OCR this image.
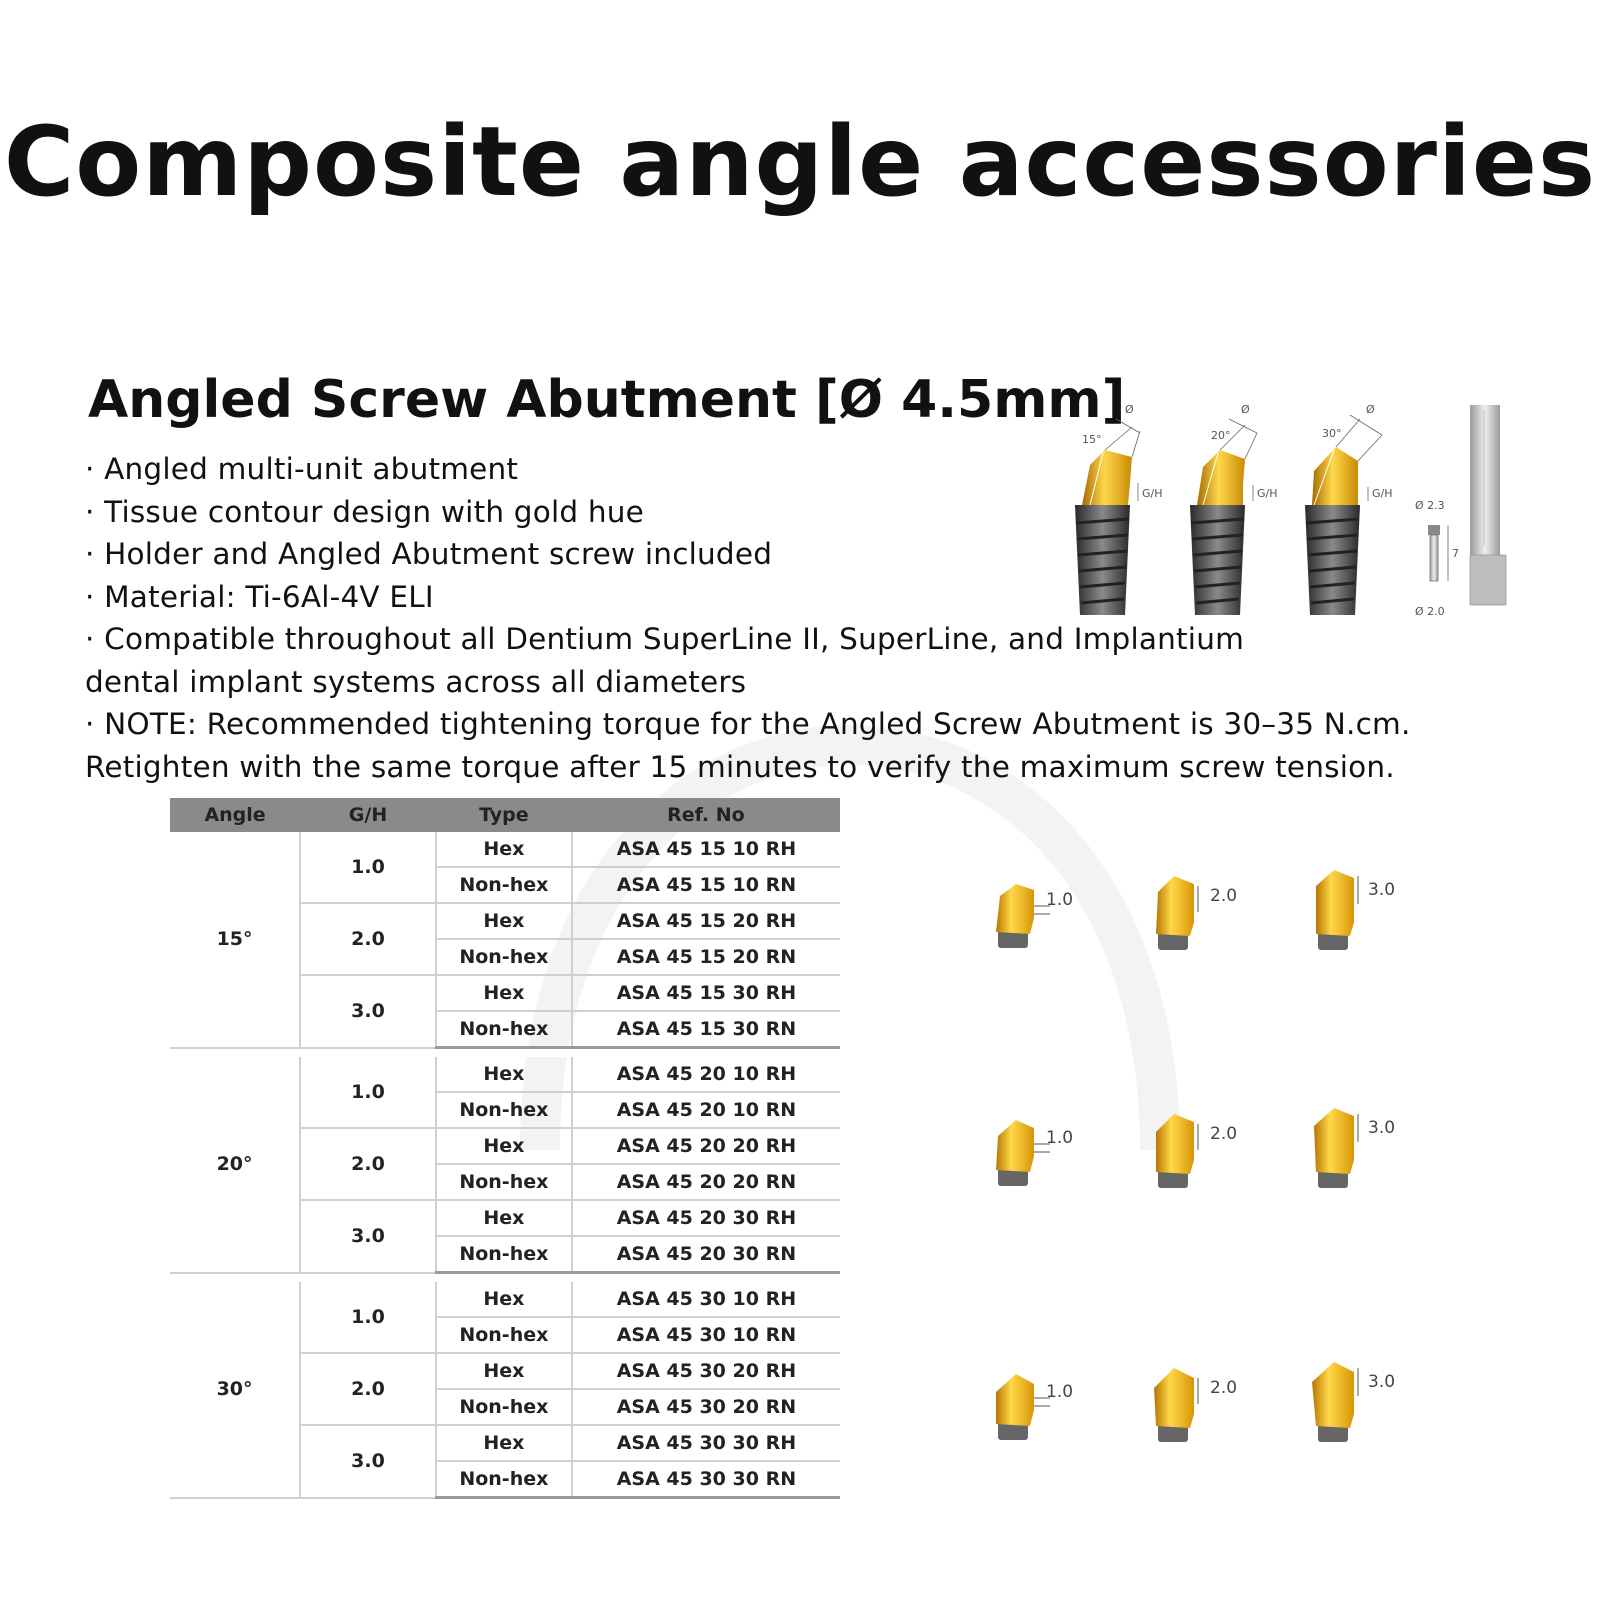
Composite angle accessories
Angled Screw Abutment [Ø 4.5mm]
· Angled multi-unit abutment
· Tissue contour design with gold hue
· Holder and Angled Abutment screw included
· Material: Ti-6Al-4V ELI
· Compatible throughout all Dentium SuperLine II, SuperLine, and Implantium
dental implant systems across all diameters
· NOTE: Recommended tightening torque for the Angled Screw Abutment is 30–35 N.cm.
Retighten with the same torque after 15 minutes to verify the maximum screw tension.
Ø
15°
G/H
Ø
20°
G/H
Ø
30°
G/H
Ø 2.3
Ø 2.0
7
Angle	G/H	Type	Ref. No
15°	1.0	Hex	ASA 45 15 10 RH
		Non-hex	ASA 45 15 10 RN
	2.0	Hex	ASA 45 15 20 RH
		Non-hex	ASA 45 15 20 RN
	3.0	Hex	ASA 45 15 30 RH
		Non-hex	ASA 45 15 30 RN

20°	1.0	Hex	ASA 45 20 10 RH
		Non-hex	ASA 45 20 10 RN
	2.0	Hex	ASA 45 20 20 RH
		Non-hex	ASA 45 20 20 RN
	3.0	Hex	ASA 45 20 30 RH
		Non-hex	ASA 45 20 30 RN

30°	1.0	Hex	ASA 45 30 10 RH
		Non-hex	ASA 45 30 10 RN
	2.0	Hex	ASA 45 30 20 RH
		Non-hex	ASA 45 30 20 RN
	3.0	Hex	ASA 45 30 30 RH
		Non-hex	ASA 45 30 30 RN
1.0	2.0	3.0
1.0	2.0	3.0
1.0	2.0	3.0
